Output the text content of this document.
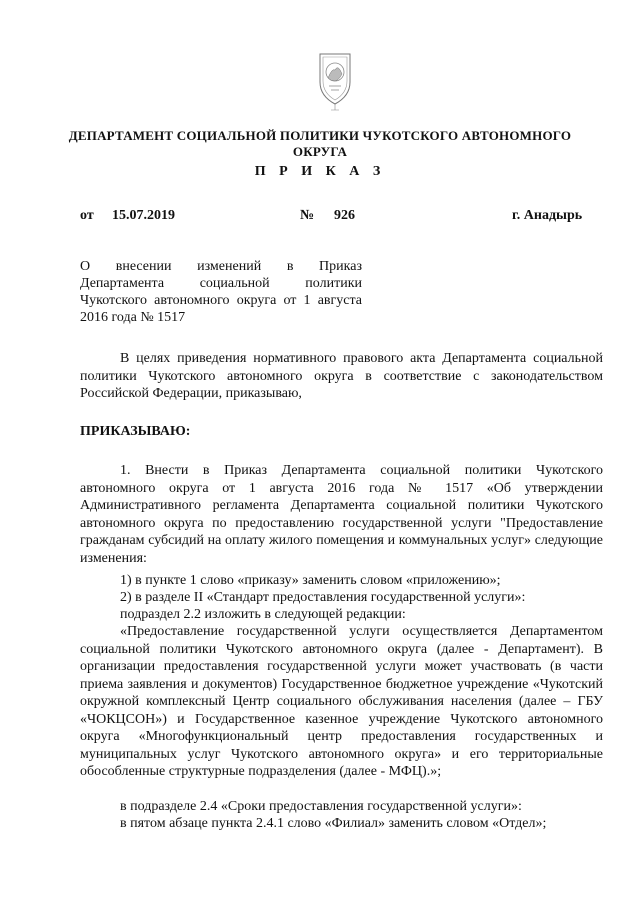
ДЕПАРТАМЕНТ СОЦИАЛЬНОЙ ПОЛИТИКИ ЧУКОТСКОГО АВТОНОМНОГО ОКРУГА
П Р И К А З
от 15.07.2019	№ 926	г. Анадырь
О внесении изменений в Приказ
Департамента социальной политики
Чукотского автономного округа от 1 августа
2016 года № 1517

В целях приведения нормативного правового акта Департамента социальной политики Чукотского автономного округа в соответствие с законодательством Российской Федерации, приказываю,

ПРИКАЗЫВАЮ:

1. Внести в Приказ Департамента социальной политики Чукотского автономного округа от 1 августа 2016 года № 1517 «Об утверждении Административного регламента Департамента социальной политики Чукотского автономного округа по предоставлению государственной услуги "Предоставление гражданам субсидий на оплату жилого помещения и коммунальных услуг» следующие изменения:

1) в пункте 1 слово «приказу» заменить словом «приложению»;

2) в разделе II «Стандарт предоставления государственной услуги»:

подраздел 2.2 изложить в следующей редакции:

«Предоставление государственной услуги осуществляется Департаментом социальной политики Чукотского автономного округа (далее - Департамент). В организации предоставления государственной услуги может участвовать (в части приема заявления и документов) Государственное бюджетное учреждение «Чукотский окружной комплексный Центр социального обслуживания населения (далее – ГБУ «ЧОКЦСОН») и Государственное казенное учреждение Чукотского автономного округа «Многофункциональный центр предоставления государственных и муниципальных услуг Чукотского автономного округа» и его территориальные обособленные структурные подразделения (далее - МФЦ).»;

в подразделе 2.4 «Сроки предоставления государственной услуги»:

в пятом абзаце пункта 2.4.1 слово «Филиал» заменить словом «Отдел»;
